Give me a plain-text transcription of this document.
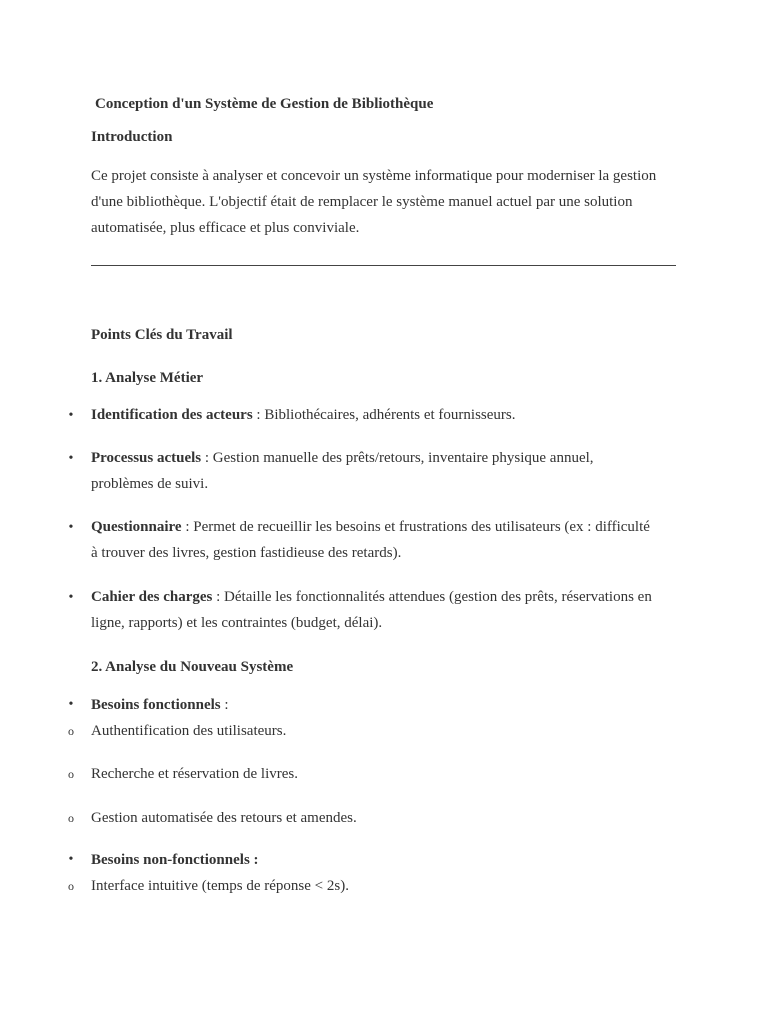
Conception d'un Système de Gestion de Bibliothèque
Introduction
Ce projet consiste à analyser et concevoir un système informatique pour moderniser la gestion
d'une bibliothèque. L'objectif était de remplacer le système manuel actuel par une solution
automatisée, plus efficace et plus conviviale.
Points Clés du Travail
1. Analyse Métier
• Identification des acteurs : Bibliothécaires, adhérents et fournisseurs.
• Processus actuels : Gestion manuelle des prêts/retours, inventaire physique annuel,
problèmes de suivi.
• Questionnaire : Permet de recueillir les besoins et frustrations des utilisateurs (ex : difficulté
à trouver des livres, gestion fastidieuse des retards).
• Cahier des charges : Détaille les fonctionnalités attendues (gestion des prêts, réservations en
ligne, rapports) et les contraintes (budget, délai).
2. Analyse du Nouveau Système
• Besoins fonctionnels :
o Authentification des utilisateurs.
o Recherche et réservation de livres.
o Gestion automatisée des retours et amendes.
• Besoins non-fonctionnels :
o Interface intuitive (temps de réponse < 2s).
